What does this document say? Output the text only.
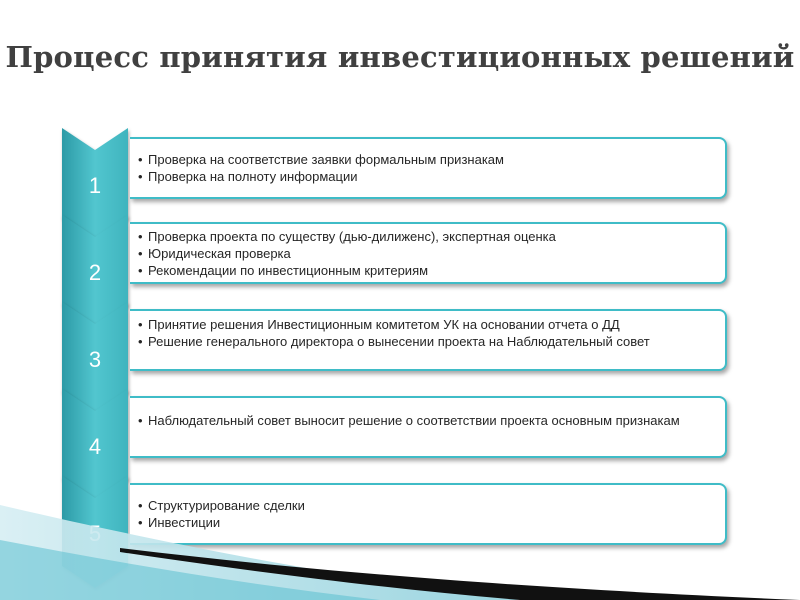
Процесс принятия инвестиционных решений
1
2
3
4
• Проверка на соответствие заявки формальным признакам
• Проверка на полноту информации
• Проверка проекта по существу (дью-дилиженс), экспертная оценка
• Юридическая проверка
• Рекомендации по инвестиционным критериям
• Принятие решения Инвестиционным комитетом УК на основании отчета о ДД
• Решение генерального директора о вынесении проекта на Наблюдательный совет
• Наблюдательный совет выносит решение о соответствии проекта основным признакам
• Структурирование сделки
• Инвестиции
